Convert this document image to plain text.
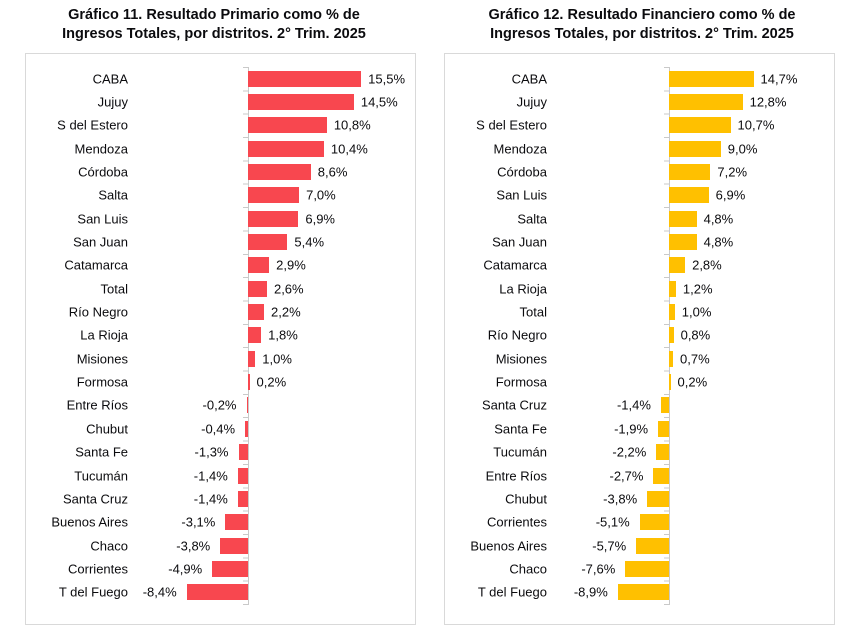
Gráfico 11. Resultado Primario como % de
Ingresos Totales, por distritos. 2° Trim. 2025
CABA	15,5%
Jujuy	14,5%
S del Estero	10,8%
Mendoza	10,4%
Córdoba	8,6%
Salta	7,0%
San Luis	6,9%
San Juan	5,4%
Catamarca	2,9%
Total	2,6%
Río Negro	2,2%
La Rioja	1,8%
Misiones	1,0%
Formosa	0,2%
Entre Ríos	-0,2%
Chubut	-0,4%
Santa Fe	-1,3%
Tucumán	-1,4%
Santa Cruz	-1,4%
Buenos Aires	-3,1%
Chaco	-3,8%
Corrientes	-4,9%
T del Fuego -8,4%
Gráfico 12. Resultado Financiero como % de
Ingresos Totales, por distritos. 2° Trim. 2025
CABA	14,7%
Jujuy	12,8%
S del Estero	10,7%
Mendoza	9,0%
Córdoba	7,2%
San Luis	6,9%
Salta	4,8%
San Juan	4,8%
Catamarca	2,8%
La Rioja	1,2%
Total	1,0%
Río Negro	0,8%
Misiones	0,7%
Formosa	0,2%
Santa Cruz	-1,4%
Santa Fe	-1,9%
Tucumán	-2,2%
Entre Ríos	-2,7%
Chubut	-3,8%
Corrientes	-5,1%
Buenos Aires	-5,7%
Chaco	-7,6%
T del Fuego -8,9%
